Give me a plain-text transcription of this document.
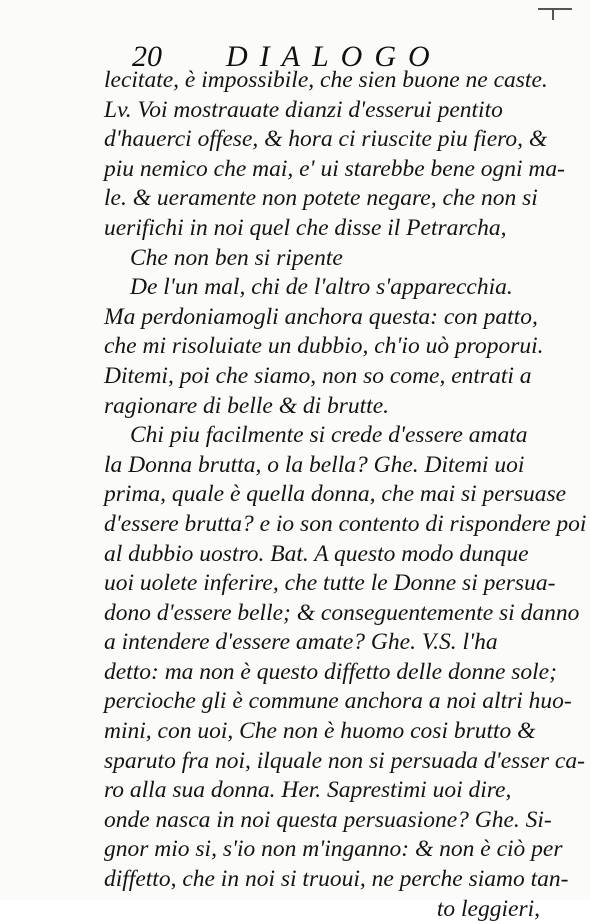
20 DIALOGO
lecitate, è impossibile, che sien buone ne caste.
Lv. Voi mostrauate dianzi d'esserui pentito
d'hauerci offese, & hora ci riuscite piu fiero, &
piu nemico che mai, e' ui starebbe bene ogni ma-
le. & ueramente non potete negare, che non si
uerifichi in noi quel che disse il Petrarcha,
Che non ben si ripente
De l'un mal, chi de l'altro s'apparecchia.
Ma perdoniamogli anchora questa: con patto,
che mi risoluiate un dubbio, ch'io uò proporui.
Ditemi, poi che siamo, non so come, entrati a
ragionare di belle & di brutte.
Chi piu facilmente si crede d'essere amata
la Donna brutta, o la bella? Ghe. Ditemi uoi
prima, quale è quella donna, che mai si persuase
d'essere brutta? e io son contento di rispondere poi
al dubbio uostro. Bat. A questo modo dunque
uoi uolete inferire, che tutte le Donne si persua-
dono d'essere belle; & conseguentemente si danno
a intendere d'essere amate? Ghe. V.S. l'ha
detto: ma non è questo diffetto delle donne sole;
percioche gli è commune anchora a noi altri huo-
mini, con uoi, Che non è huomo cosi brutto &
sparuto fra noi, ilquale non si persuada d'esser ca-
ro alla sua donna. Her. Saprestimi uoi dire,
onde nasca in noi questa persuasione? Ghe. Si-
gnor mio si, s'io non m'inganno: & non è ciò per
diffetto, che in noi si truoui, ne perche siamo tan-
to leggieri,
